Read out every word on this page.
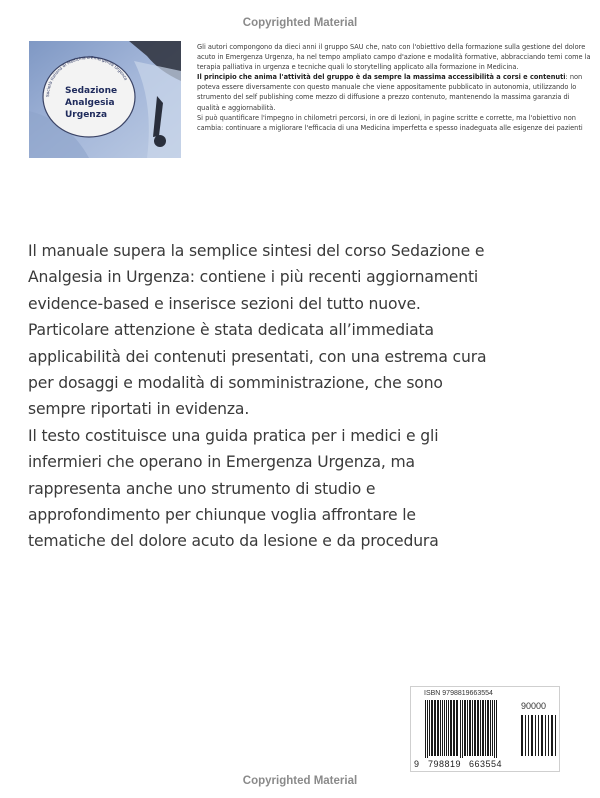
Copyrighted Material
Società Italiana di Medicina d'Emergenza Urgenza
Sedazione
Analgesia
Urgenza

Gli autori compongono da dieci anni il gruppo SAU che, nato con l'obiettivo della formazione sulla gestione del dolore acuto in Emergenza Urgenza, ha nel tempo ampliato campo d'azione e modalità formative, abbracciando temi come la terapia palliativa in urgenza e tecniche quali lo storytelling applicato alla formazione in Medicina.

Il principio che anima l'attività del gruppo è da sempre la massima accessibilità a corsi e contenuti: non poteva essere diversamente con questo manuale che viene appositamente pubblicato in autonomia, utilizzando lo strumento del self publishing come mezzo di diffusione a prezzo contenuto, mantenendo la massima garanzia di qualità e aggiornabilità.

Si può quantificare l'impegno in chilometri percorsi, in ore di lezioni, in pagine scritte e corrette, ma l'obiettivo non cambia: continuare a migliorare l'efficacia di una Medicina imperfetta e spesso inadeguata alle esigenze dei pazienti

Il manuale supera la semplice sintesi del corso Sedazione e
Analgesia in Urgenza: contiene i più recenti aggiornamenti
evidence-based e inserisce sezioni del tutto nuove.
Particolare attenzione è stata dedicata all’immediata
applicabilità dei contenuti presentati, con una estrema cura
per dosaggi e modalità di somministrazione, che sono
sempre riportati in evidenza.
Il testo costituisce una guida pratica per i medici e gli
infermieri che operano in Emergenza Urgenza, ma
rappresenta anche uno strumento di studio e
approfondimento per chiunque voglia affrontare le
tematiche del dolore acuto da lesione e da procedura
ISBN 9798819663554
90000
9 798819 663554
Copyrighted Material
